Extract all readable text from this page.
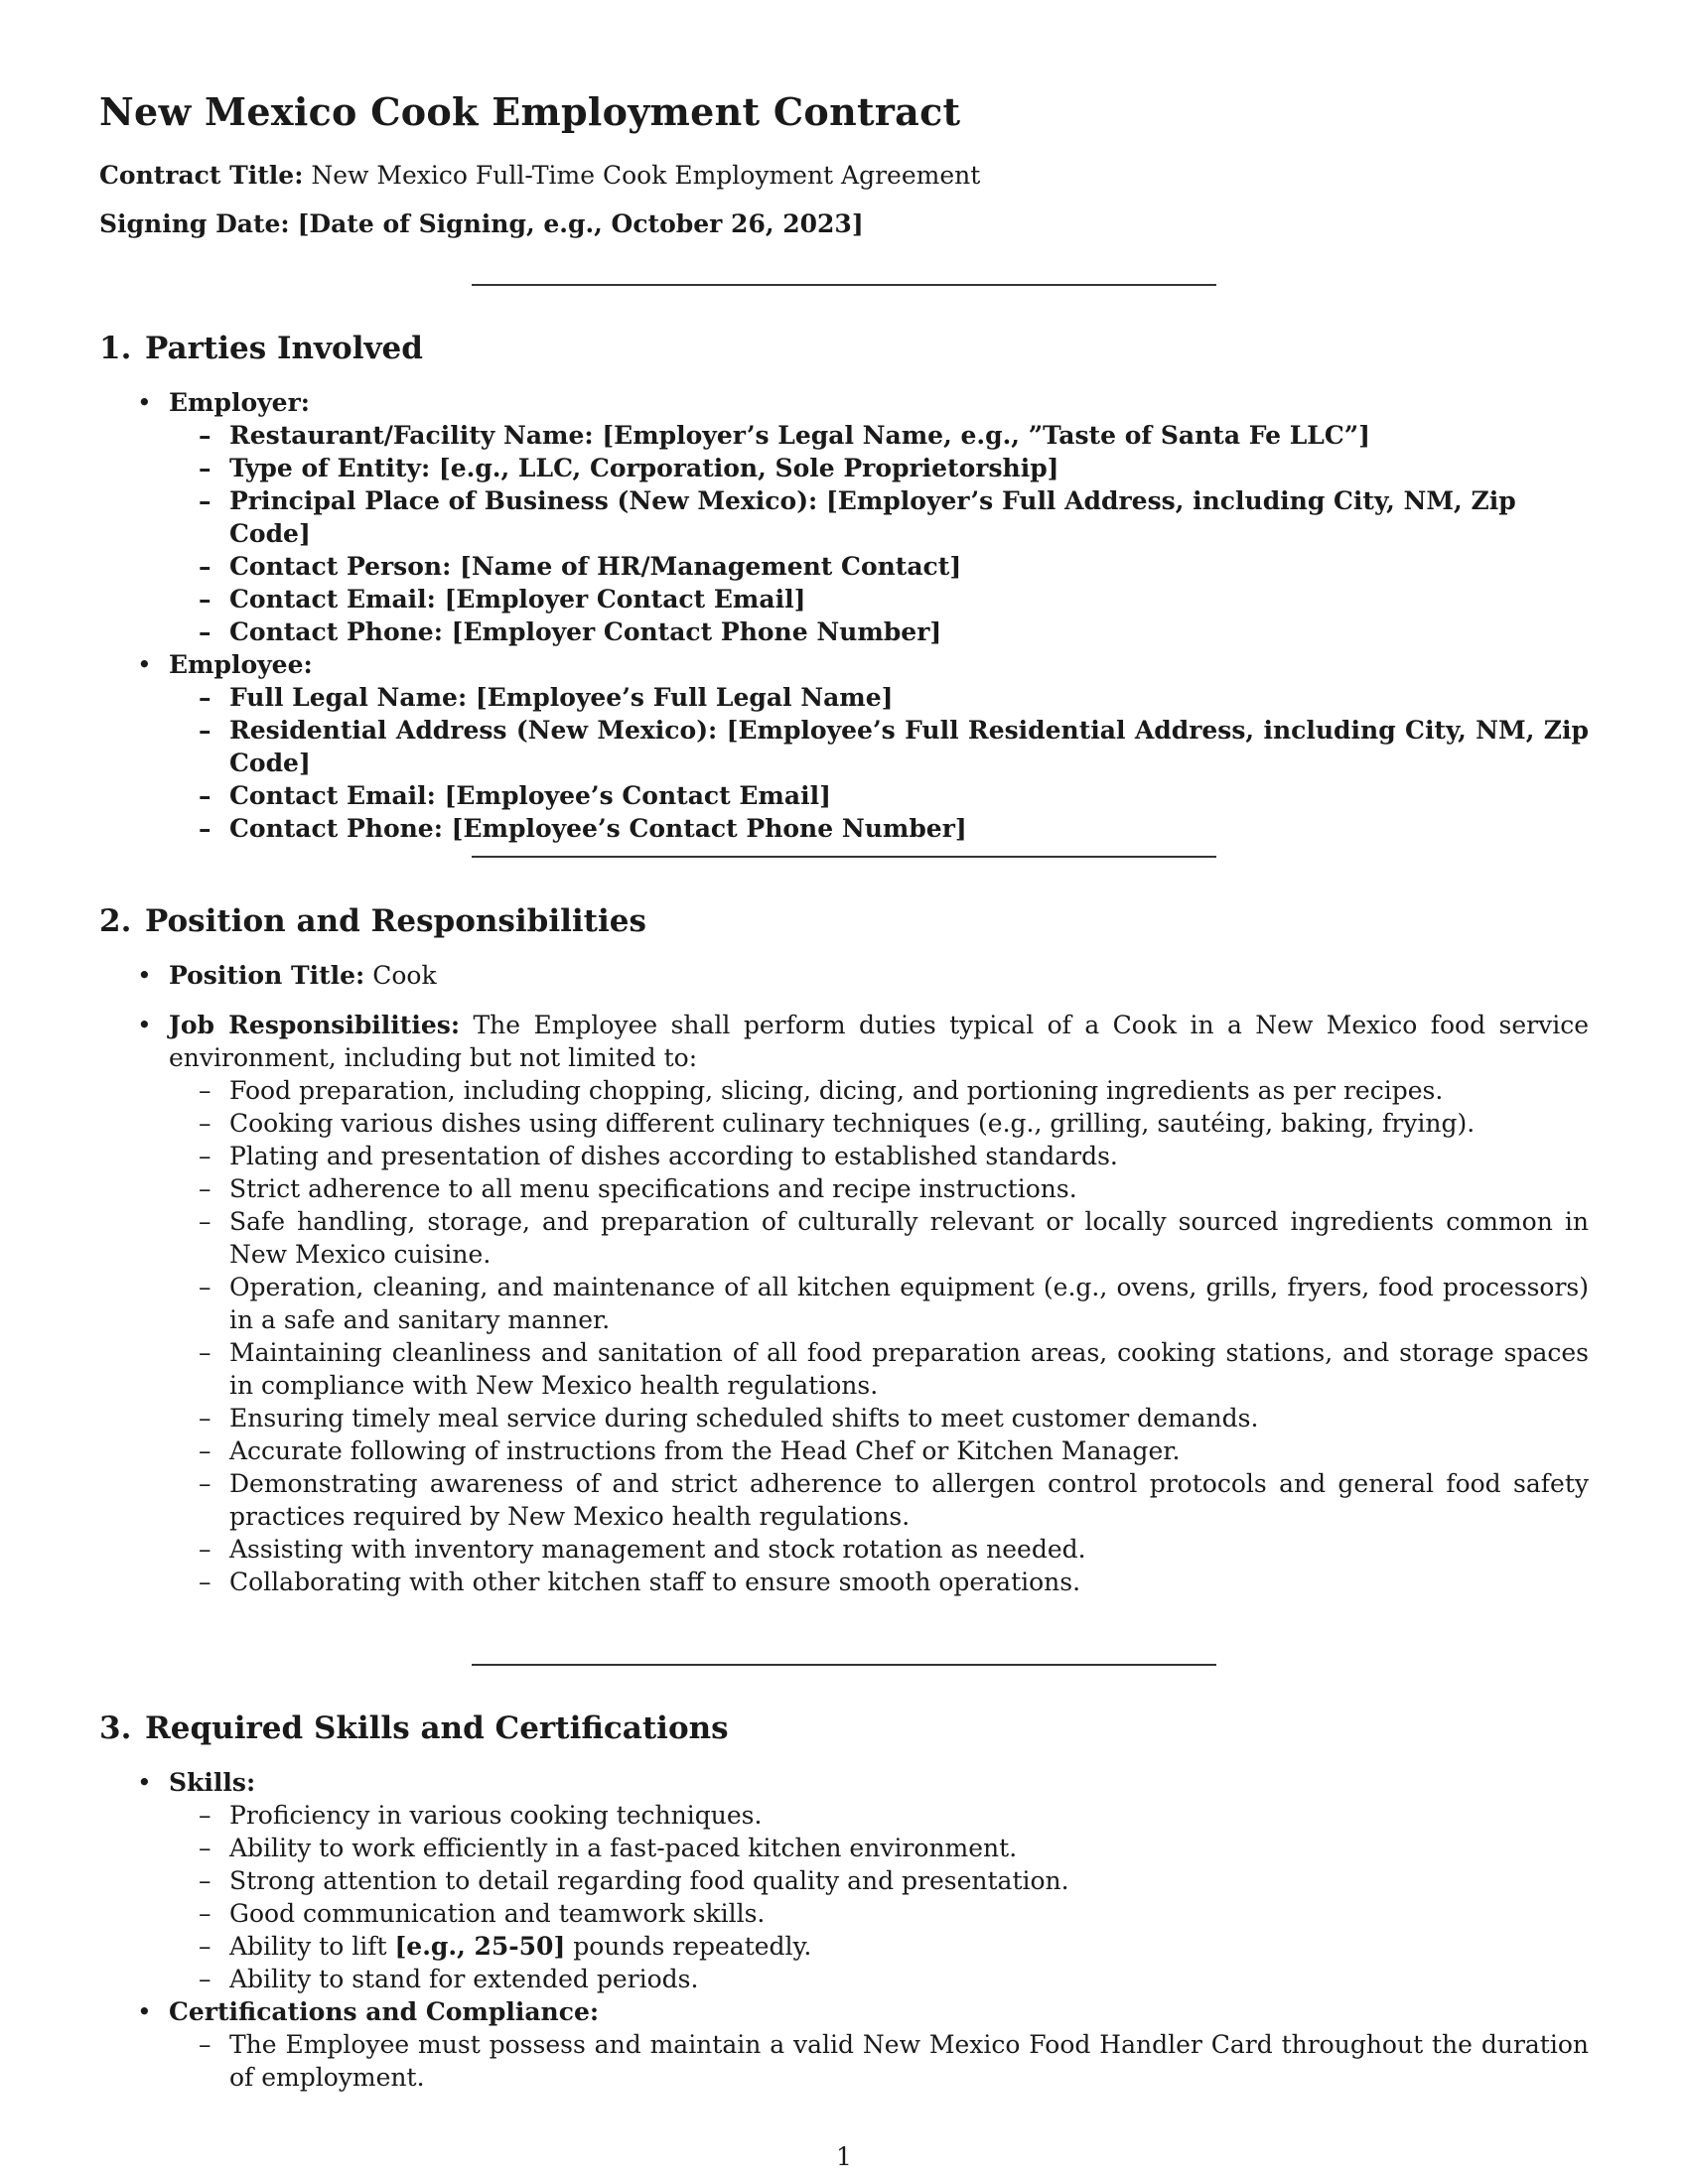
New Mexico Cook Employment Contract

Contract Title: New Mexico Full-Time Cook Employment Agreement

Signing Date: [Date of Signing, e.g., October 26, 2023]

1. Parties Involved
• Employer:
– Restaurant/Facility Name: [Employer’s Legal Name, e.g., ”Taste of Santa Fe LLC”]
– Type of Entity: [e.g., LLC, Corporation, Sole Proprietorship]
– Principal Place of Business (New Mexico): [Employer’s Full Address, including City, NM, Zip Code]
– Contact Person: [Name of HR/Management Contact]
– Contact Email: [Employer Contact Email]
– Contact Phone: [Employer Contact Phone Number]
• Employee:
– Full Legal Name: [Employee’s Full Legal Name]
– Residential Address (New Mexico): [Employee’s Full Residential Address, including City, NM, Zip Code]
– Contact Email: [Employee’s Contact Email]
– Contact Phone: [Employee’s Contact Phone Number]
2. Position and Responsibilities
• Position Title: Cook
• Job Responsibilities: The Employee shall perform duties typical of a Cook in a New Mexico food service environment, including but not limited to:
– Food preparation, including chopping, slicing, dicing, and portioning ingredients as per recipes.
– Cooking various dishes using different culinary techniques (e.g., grilling, sautéing, baking, frying).
– Plating and presentation of dishes according to established standards.
– Strict adherence to all menu specifications and recipe instructions.
– Safe handling, storage, and preparation of culturally relevant or locally sourced ingredients common in New Mexico cuisine.
– Operation, cleaning, and maintenance of all kitchen equipment (e.g., ovens, grills, fryers, food processors) in a safe and sanitary manner.
– Maintaining cleanliness and sanitation of all food preparation areas, cooking stations, and storage spaces in compliance with New Mexico health regulations.
– Ensuring timely meal service during scheduled shifts to meet customer demands.
– Accurate following of instructions from the Head Chef or Kitchen Manager.
– Demonstrating awareness of and strict adherence to allergen control protocols and general food safety practices required by New Mexico health regulations.
– Assisting with inventory management and stock rotation as needed.
– Collaborating with other kitchen staff to ensure smooth operations.
3. Required Skills and Certifications
• Skills:
– Proficiency in various cooking techniques.
– Ability to work efficiently in a fast-paced kitchen environment.
– Strong attention to detail regarding food quality and presentation.
– Good communication and teamwork skills.
– Ability to lift [e.g., 25-50] pounds repeatedly.
– Ability to stand for extended periods.
• Certifications and Compliance:
– The Employee must possess and maintain a valid New Mexico Food Handler Card throughout the duration of employment.
1
